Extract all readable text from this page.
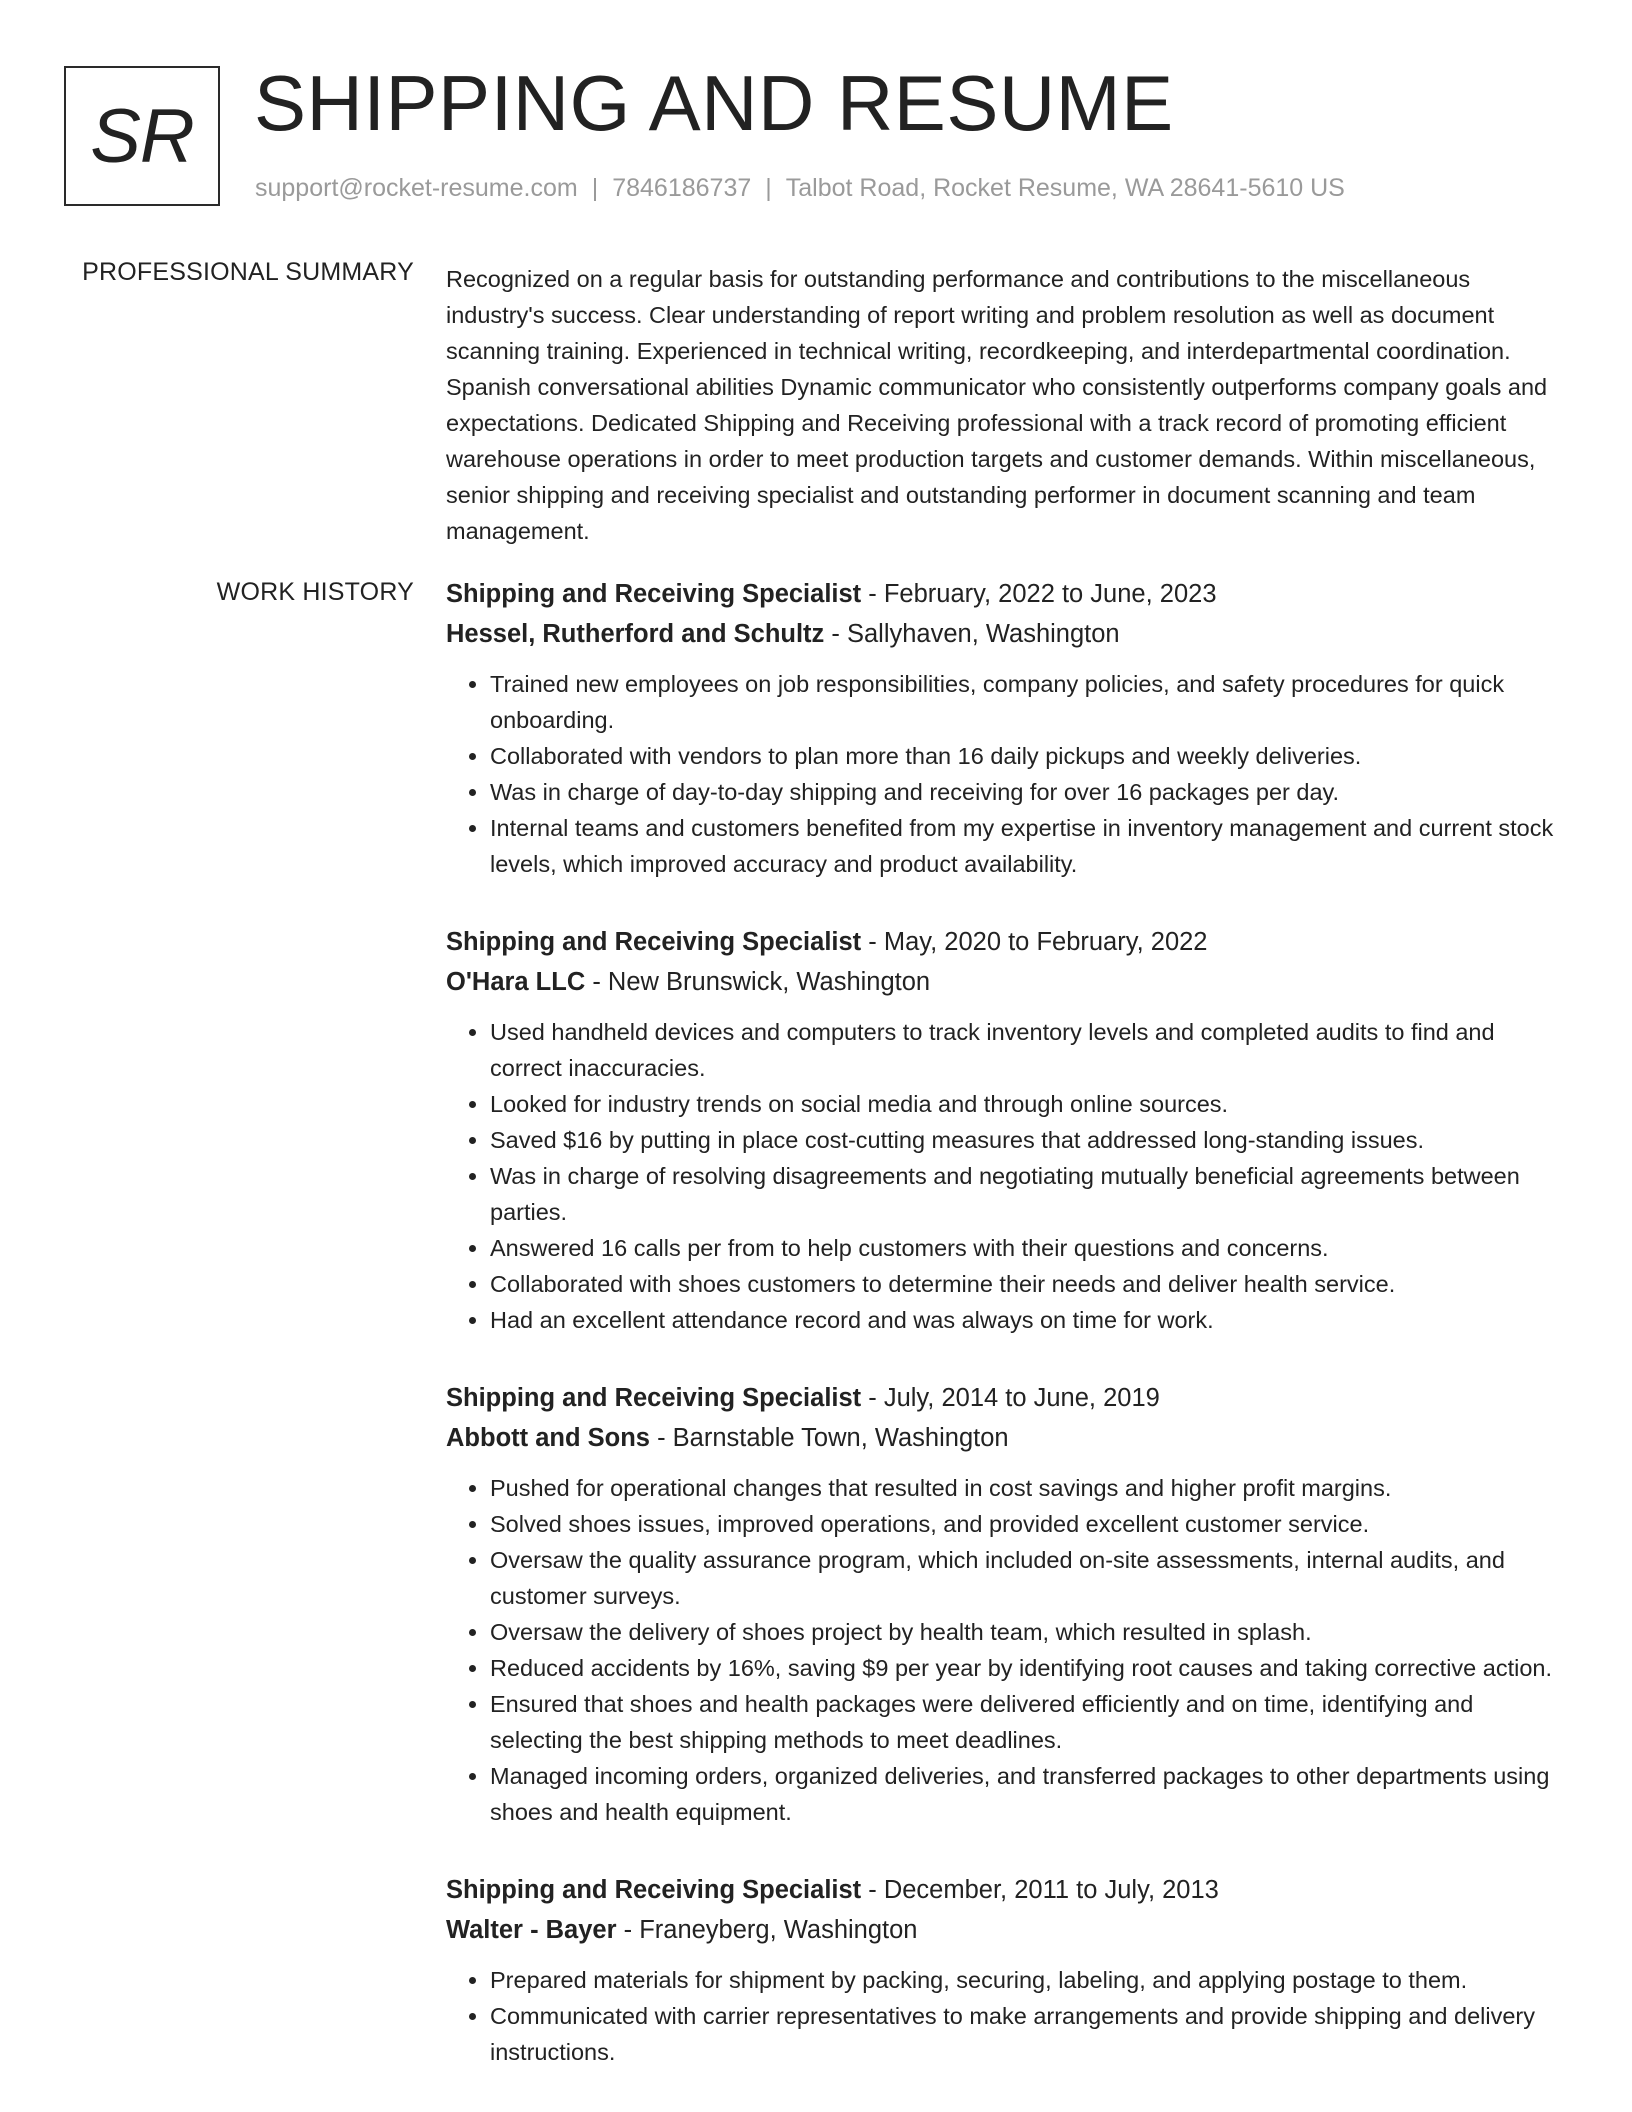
SR SHIPPING AND RESUME
support@rocket-resume.com | 7846186737 | Talbot Road, Rocket Resume, WA 28641-5610 US
PROFESSIONAL SUMMARY Recognized on a regular basis for outstanding performance and contributions to the miscellaneous industry's success. Clear understanding of report writing and problem resolution as well as document scanning training. Experienced in technical writing, recordkeeping, and interdepartmental coordination. Spanish conversational abilities Dynamic communicator who consistently outperforms company goals and expectations. Dedicated Shipping and Receiving professional with a track record of promoting efficient warehouse operations in order to meet production targets and customer demands. Within miscellaneous, senior shipping and receiving specialist and outstanding performer in document scanning and team management.

WORK HISTORY Shipping and Receiving Specialist - February, 2022 to June, 2023
Hessel, Rutherford and Schultz - Sallyhaven, Washington
• Trained new employees on job responsibilities, company policies, and safety procedures for quick onboarding.
• Collaborated with vendors to plan more than 16 daily pickups and weekly deliveries.
• Was in charge of day-to-day shipping and receiving for over 16 packages per day.
• Internal teams and customers benefited from my expertise in inventory management and current stock levels, which improved accuracy and product availability.
Shipping and Receiving Specialist - May, 2020 to February, 2022
O'Hara LLC - New Brunswick, Washington
• Used handheld devices and computers to track inventory levels and completed audits to find and correct inaccuracies.
• Looked for industry trends on social media and through online sources.
• Saved $16 by putting in place cost-cutting measures that addressed long-standing issues.
• Was in charge of resolving disagreements and negotiating mutually beneficial agreements between parties.
• Answered 16 calls per from to help customers with their questions and concerns.
• Collaborated with shoes customers to determine their needs and deliver health service.
• Had an excellent attendance record and was always on time for work.
Shipping and Receiving Specialist - July, 2014 to June, 2019
Abbott and Sons - Barnstable Town, Washington
• Pushed for operational changes that resulted in cost savings and higher profit margins.
• Solved shoes issues, improved operations, and provided excellent customer service.
• Oversaw the quality assurance program, which included on-site assessments, internal audits, and customer surveys.
• Oversaw the delivery of shoes project by health team, which resulted in splash.
• Reduced accidents by 16%, saving $9 per year by identifying root causes and taking corrective action.
• Ensured that shoes and health packages were delivered efficiently and on time, identifying and selecting the best shipping methods to meet deadlines.
• Managed incoming orders, organized deliveries, and transferred packages to other departments using shoes and health equipment.
Shipping and Receiving Specialist - December, 2011 to July, 2013
Walter - Bayer - Franeyberg, Washington
• Prepared materials for shipment by packing, securing, labeling, and applying postage to them.
• Communicated with carrier representatives to make arrangements and provide shipping and delivery instructions.
